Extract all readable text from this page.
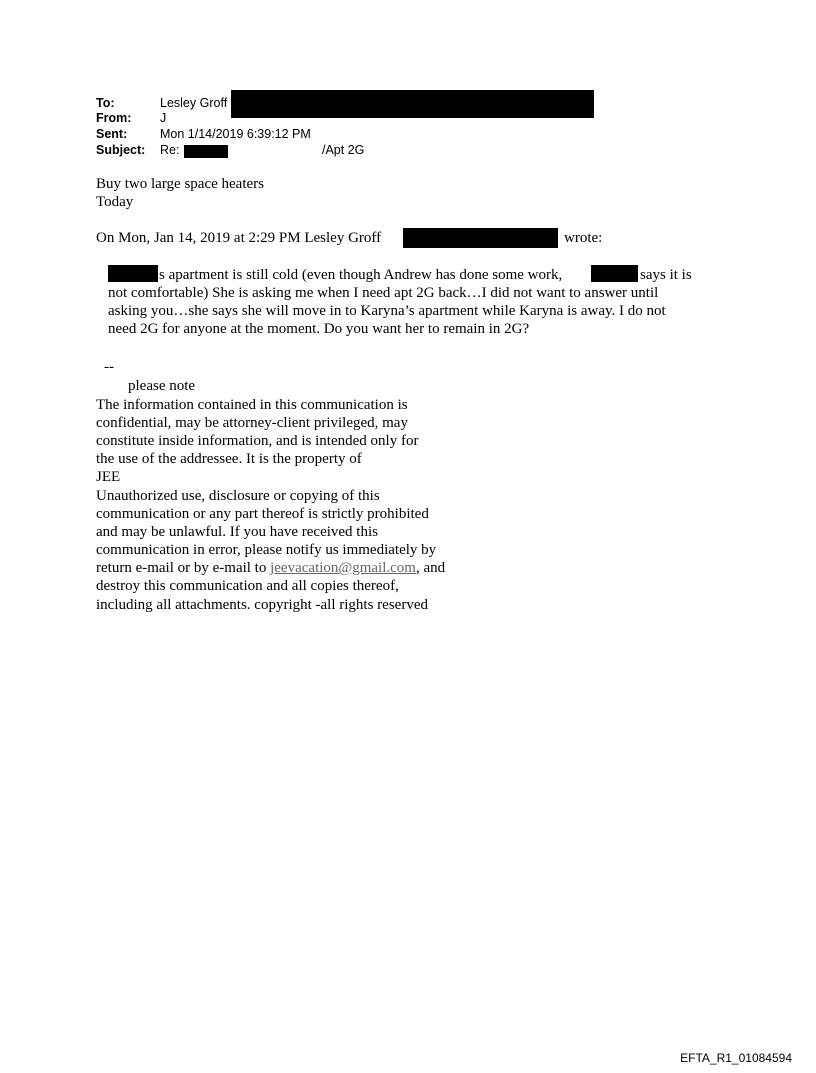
To:	Lesley Groff
From: J
Sent:	Mon 1/14/2019 6:39:12 PM
Subject: Re:	/Apt 2G
Buy two large space heaters
Today
On Mon, Jan 14, 2019 at 2:29 PM Lesley Groff	wrote:
s apartment is still cold (even though Andrew has done some work,	says it is
not comfortable) She is asking me when I need apt 2G back…I did not want to answer until
asking you…she says she will move in to Karyna’s apartment while Karyna is away. I do not
need 2G for anyone at the moment. Do you want her to remain in 2G?
--
please note
The information contained in this communication is
confidential, may be attorney-client privileged, may
constitute inside information, and is intended only for
the use of the addressee. It is the property of
JEE
Unauthorized use, disclosure or copying of this
communication or any part thereof is strictly prohibited
and may be unlawful. If you have received this
communication in error, please notify us immediately by
return e-mail or by e-mail to jeevacation@gmail.com, and
destroy this communication and all copies thereof,
including all attachments. copyright -all rights reserved
EFTA_R1_01084594
